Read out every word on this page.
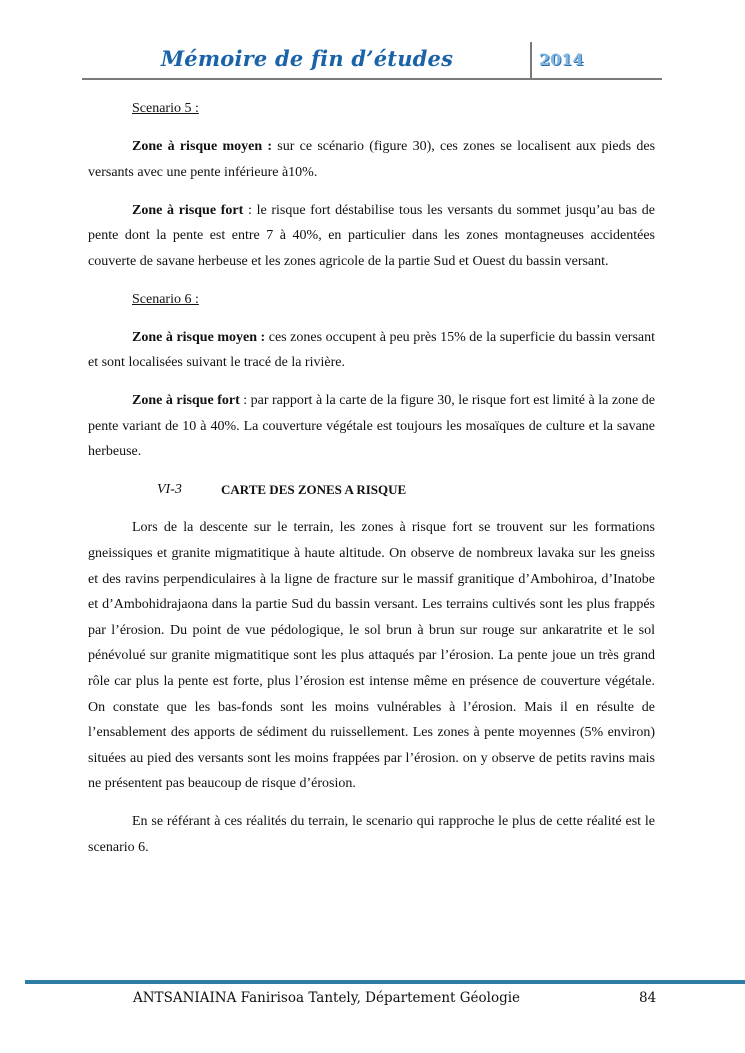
Mémoire de fin d’études	2014

Scenario 5 :

Zone à risque moyen : sur ce scénario (figure 30), ces zones se localisent aux pieds des versants avec une pente inférieure à10%.

Zone à risque fort : le risque fort déstabilise tous les versants du sommet jusqu’au bas de pente dont la pente est entre 7 à 40%, en particulier dans les zones montagneuses accidentées couverte de savane herbeuse et les zones agricole de la partie Sud et Ouest du bassin versant.

Scenario 6 :

Zone à risque moyen : ces zones occupent à peu près 15% de la superficie du bassin versant et sont localisées suivant le tracé de la rivière.

Zone à risque fort : par rapport à la carte de la figure 30, le risque fort est limité à la zone de pente variant de 10 à 40%. La couverture végétale est toujours les mosaïques de culture et la savane herbeuse.

VI-3	CARTE DES ZONES A RISQUE

Lors de la descente sur le terrain, les zones à risque fort se trouvent sur les formations gneissiques et granite migmatitique à haute altitude. On observe de nombreux lavaka sur les gneiss et des ravins perpendiculaires à la ligne de fracture sur le massif granitique d’Ambohiroa, d’Inatobe et d’Ambohidrajaona dans la partie Sud du bassin versant. Les terrains cultivés sont les plus frappés par l’érosion. Du point de vue pédologique, le sol brun à brun sur rouge sur ankaratrite et le sol pénévolué sur granite migmatitique sont les plus attaqués par l’érosion. La pente joue un très grand rôle car plus la pente est forte, plus l’érosion est intense même en présence de couverture végétale. On constate que les bas-fonds sont les moins vulnérables à l’érosion. Mais il en résulte de l’ensablement des apports de sédiment du ruissellement. Les zones à pente moyennes (5% environ) situées au pied des versants sont les moins frappées par l’érosion. on y observe de petits ravins mais ne présentent pas beaucoup de risque d’érosion.

En se référant à ces réalités du terrain, le scenario qui rapproche le plus de cette réalité est le scenario 6.

ANTSANIAINA Fanirisoa Tantely, Département Géologie	84
